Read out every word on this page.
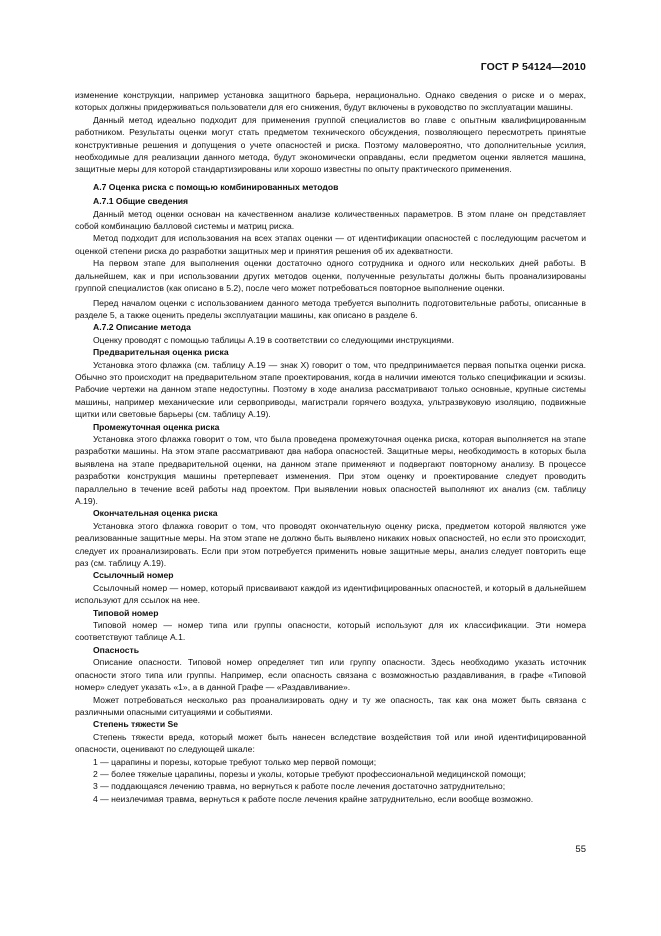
ГОСТ Р 54124—2010

изменение конструкции, например установка защитного барьера, нерационально. Однако сведения о риске и о мерах, которых должны придерживаться пользователи для его снижения, будут включены в руководство по эксплуатации машины.

Данный метод идеально подходит для применения группой специалистов во главе с опытным квалифицированным работником. Результаты оценки могут стать предметом технического обсуждения, позволяющего пересмотреть принятые конструктивные решения и допущения о учете опасностей и риска. Поэтому маловероятно, что дополнительные усилия, необходимые для реализации данного метода, будут экономически оправданы, если предметом оценки является машина, защитные меры для которой стандартизированы или хорошо известны по опыту практического применения.

А.7 Оценка риска с помощью комбинированных методов

А.7.1 Общие сведения

Данный метод оценки основан на качественном анализе количественных параметров. В этом плане он представляет собой комбинацию балловой системы и матриц риска.

Метод подходит для использования на всех этапах оценки — от идентификации опасностей с последующим расчетом и оценкой степени риска до разработки защитных мер и принятия решения об их адекватности.

На первом этапе для выполнения оценки достаточно одного сотрудника и одного или нескольких дней работы. В дальнейшем, как и при использовании других методов оценки, полученные результаты должны быть проанализированы группой специалистов (как описано в 5.2), после чего может потребоваться повторное выполнение оценки.

Перед началом оценки с использованием данного метода требуется выполнить подготовительные работы, описанные в разделе 5, а также оценить пределы эксплуатации машины, как описано в разделе 6.

А.7.2 Описание метода

Оценку проводят с помощью таблицы А.19 в соответствии со следующими инструкциями.

Предварительная оценка риска

Установка этого флажка (см. таблицу А.19 — знак X) говорит о том, что предпринимается первая попытка оценки риска. Обычно это происходит на предварительном этапе проектирования, когда в наличии имеются только спецификации и эскизы. Рабочие чертежи на данном этапе недоступны. Поэтому в ходе анализа рассматривают только основные, крупные системы машины, например механические или сервоприводы, магистрали горячего воздуха, ультразвуковую изоляцию, подвижные щитки или световые барьеры (см. таблицу А.19).

Промежуточная оценка риска

Установка этого флажка говорит о том, что была проведена промежуточная оценка риска, которая выполняется на этапе разработки машины. На этом этапе рассматривают два набора опасностей. Защитные меры, необходимость в которых была выявлена на этапе предварительной оценки, на данном этапе применяют и подвергают повторному анализу. В процессе разработки конструкция машины претерпевает изменения. При этом оценку и проектирование следует проводить параллельно в течение всей работы над проектом. При выявлении новых опасностей выполняют их анализ (см. таблицу А.19).

Окончательная оценка риска

Установка этого флажка говорит о том, что проводят окончательную оценку риска, предметом которой являются уже реализованные защитные меры. На этом этапе не должно быть выявлено никаких новых опасностей, но если это происходит, следует их проанализировать. Если при этом потребуется применить новые защитные меры, анализ следует повторить еще раз (см. таблицу А.19).

Ссылочный номер

Ссылочный номер — номер, который присваивают каждой из идентифицированных опасностей, и который в дальнейшем используют для ссылок на нее.

Типовой номер

Типовой номер — номер типа или группы опасности, который используют для их классификации. Эти номера соответствуют таблице А.1.

Опасность

Описание опасности. Типовой номер определяет тип или группу опасности. Здесь необходимо указать источник опасности этого типа или группы. Например, если опасность связана с возможностью раздавливания, в графе «Типовой номер» следует указать «1», а в данной Графе — «Раздавливание».

Может потребоваться несколько раз проанализировать одну и ту же опасность, так как она может быть связана с различными опасными ситуациями и событиями.

Степень тяжести Se

Степень тяжести вреда, который может быть нанесен вследствие воздействия той или иной идентифицированной опасности, оценивают по следующей шкале:

1 — царапины и порезы, которые требуют только мер первой помощи;

2 — более тяжелые царапины, порезы и уколы, которые требуют профессиональной медицинской помощи;

3 — поддающаяся лечению травма, но вернуться к работе после лечения достаточно затруднительно;

4 — неизлечимая травма, вернуться к работе после лечения крайне затруднительно, если вообще возможно.

55
